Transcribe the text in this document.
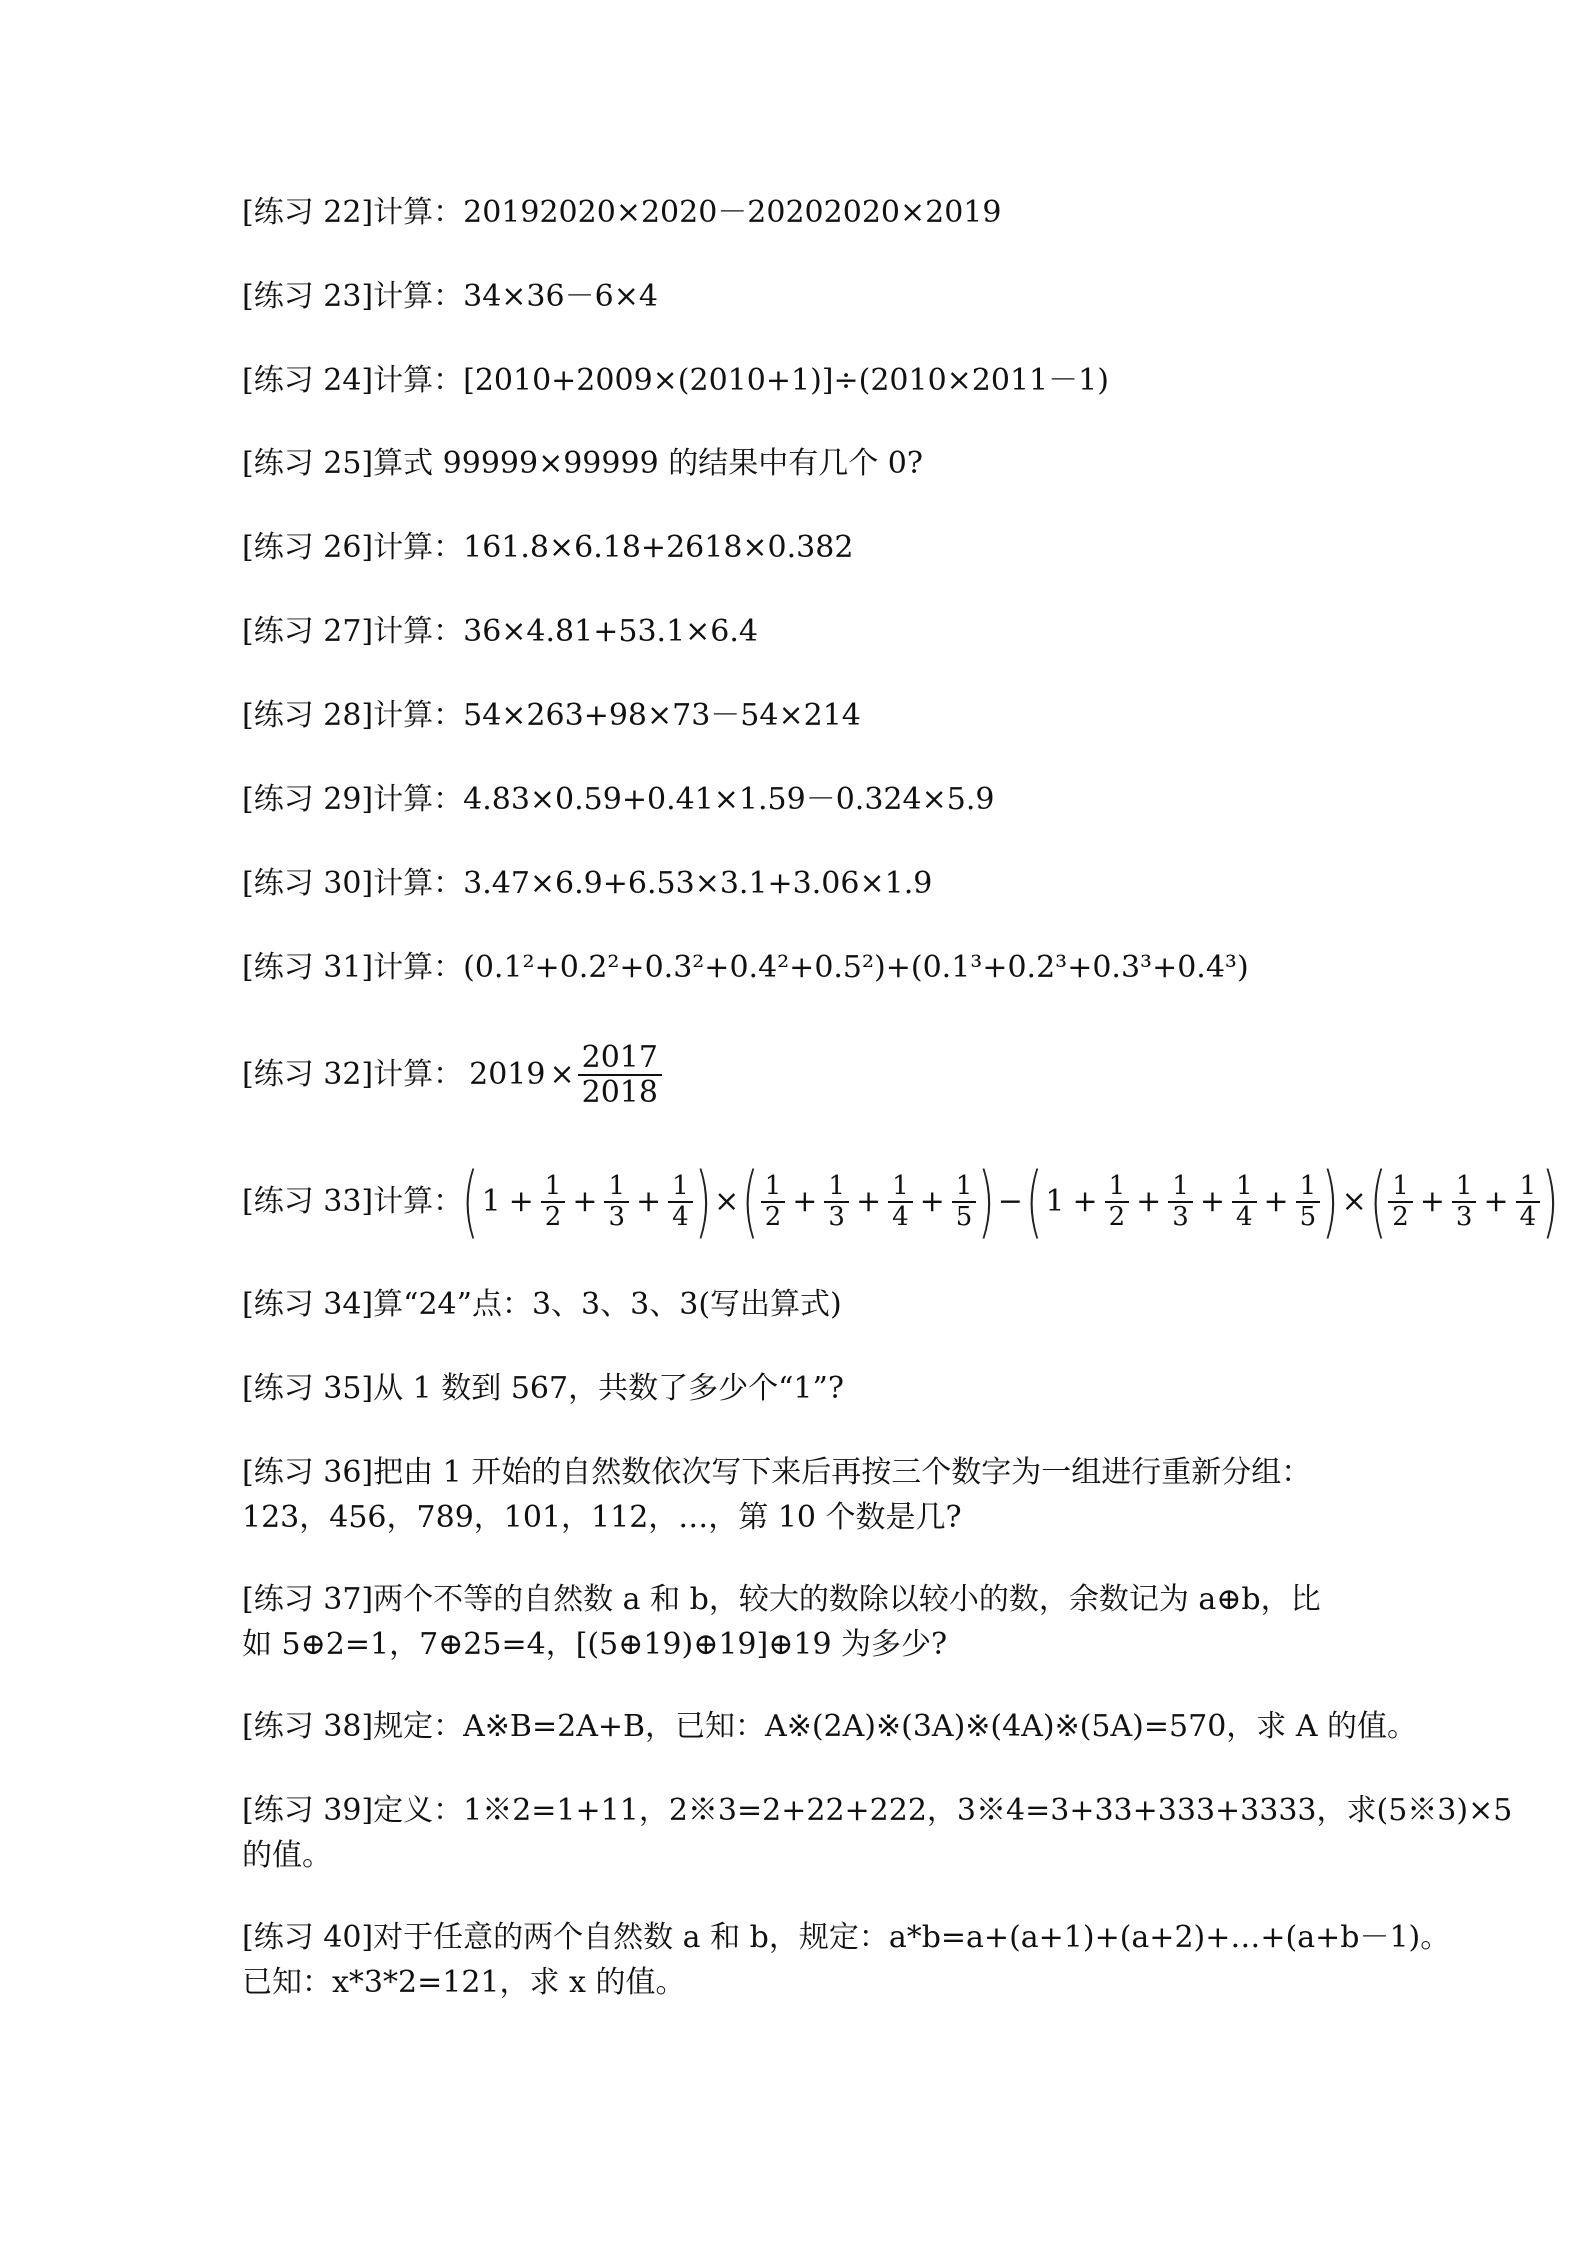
[练习 22]计算：20192020×2020－20202020×2019
[练习 23]计算：34×36－6×4
[练习 24]计算：[2010+2009×(2010+1)]÷(2010×2011－1)
[练习 25]算式 99999×99999 的结果中有几个 0?
[练习 26]计算：161.8×6.18+2618×0.382
[练习 27]计算：36×4.81+53.1×6.4
[练习 28]计算：54×263+98×73－54×214
[练习 29]计算：4.83×0.59+0.41×1.59－0.324×5.9
[练习 30]计算：3.47×6.9+6.53×3.1+3.06×1.9
[练习 31]计算：(0.1²+0.2²+0.3²+0.4²+0.5²)+(0.1³+0.2³+0.3³+0.4³)
[练习 32]计算： $2019 \times \frac{2017}{2018}$
[练习 33]计算：
( $1 + \frac{1}{2} + \frac{1}{3} + \frac{1}{4}$ ) × ( $\frac{1}{2} + \frac{1}{3} + \frac{1}{4} + \frac{1}{5}$ ) − ( $1 + \frac{1}{2} + \frac{1}{3} + \frac{1}{4} + \frac{1}{5}$ ) × ( $\frac{1}{2} + \frac{1}{3} + \frac{1}{4}$ )
[练习 34]算“24”点：3、3、3、3(写出算式)
[练习 35]从 1 数到 567，共数了多少个“1”?
[练习 36]把由 1 开始的自然数依次写下来后再按三个数字为一组进行重新分组：
123，456，789，101，112，…，第 10 个数是几?
[练习 37]两个不等的自然数 a 和 b，较大的数除以较小的数，余数记为 a⊕b，比
如 5⊕2=1，7⊕25=4，[(5⊕19)⊕19]⊕19 为多少?
[练习 38]规定：A※B=2A+B，已知：A※(2A)※(3A)※(4A)※(5A)=570，求 A 的值。
[练习 39]定义：1※2=1+11，2※3=2+22+222，3※4=3+33+333+3333，求(5※3)×5
的值。
[练习 40]对于任意的两个自然数 a 和 b，规定：a*b=a+(a+1)+(a+2)+…+(a+b－1)。
已知：x*3*2=121，求 x 的值。
